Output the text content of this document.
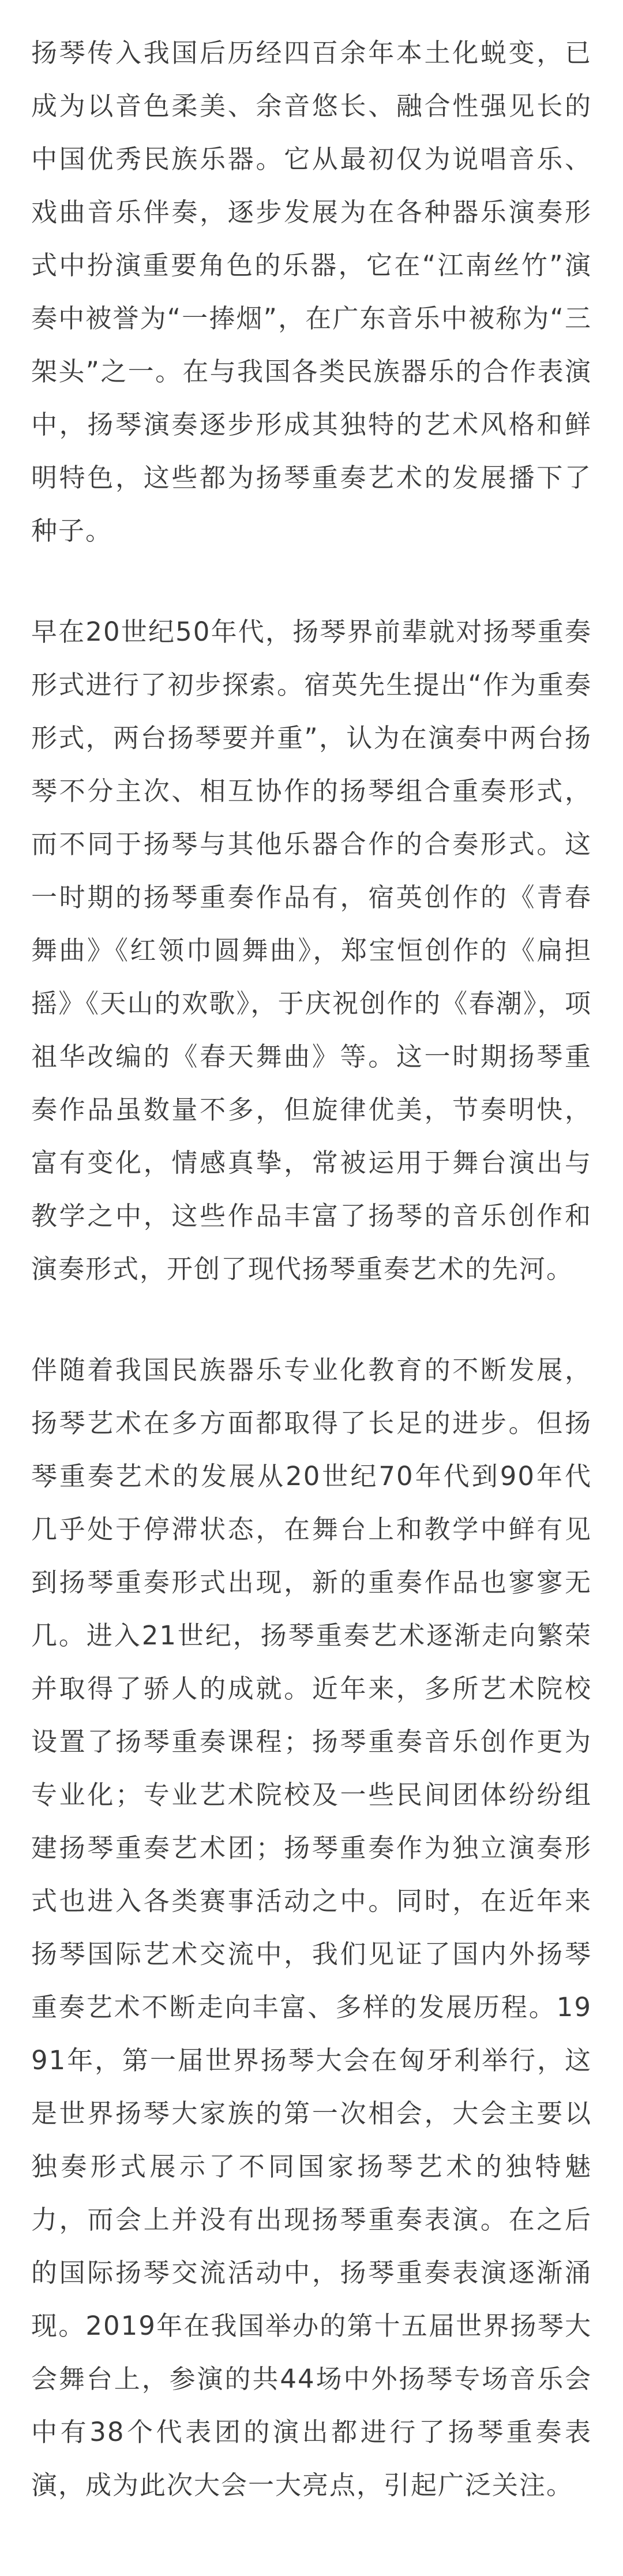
扬琴传入我国后历经四百余年本土化蜕变，已成为以音色柔美、余音悠长、融合性强见长的中国优秀民族乐器。它从最初仅为说唱音乐、戏曲音乐伴奏，逐步发展为在各种器乐演奏形式中扮演重要角色的乐器，它在“江南丝竹”演奏中被誉为“一捧烟”，在广东音乐中被称为“三架头”之一。在与我国各类民族器乐的合作表演中，扬琴演奏逐步形成其独特的艺术风格和鲜明特色，这些都为扬琴重奏艺术的发展播下了种子。

早在20世纪50年代，扬琴界前辈就对扬琴重奏形式进行了初步探索。宿英先生提出“作为重奏形式，两台扬琴要并重”，认为在演奏中两台扬琴不分主次、相互协作的扬琴组合重奏形式，而不同于扬琴与其他乐器合作的合奏形式。这一时期的扬琴重奏作品有，宿英创作的《青春舞曲》《红领巾圆舞曲》，郑宝恒创作的《扁担摇》《天山的欢歌》，于庆祝创作的《春潮》，项祖华改编的《春天舞曲》等。这一时期扬琴重奏作品虽数量不多，但旋律优美，节奏明快，富有变化，情感真挚，常被运用于舞台演出与教学之中，这些作品丰富了扬琴的音乐创作和演奏形式，开创了现代扬琴重奏艺术的先河。

伴随着我国民族器乐专业化教育的不断发展，扬琴艺术在多方面都取得了长足的进步。但扬琴重奏艺术的发展从20世纪70年代到90年代几乎处于停滞状态，在舞台上和教学中鲜有见到扬琴重奏形式出现，新的重奏作品也寥寥无几。进入21世纪，扬琴重奏艺术逐渐走向繁荣并取得了骄人的成就。近年来，多所艺术院校设置了扬琴重奏课程；扬琴重奏音乐创作更为专业化；专业艺术院校及一些民间团体纷纷组建扬琴重奏艺术团；扬琴重奏作为独立演奏形式也进入各类赛事活动之中。同时，在近年来扬琴国际艺术交流中，我们见证了国内外扬琴重奏艺术不断走向丰富、多样的发展历程。1991年，第一届世界扬琴大会在匈牙利举行，这是世界扬琴大家族的第一次相会，大会主要以独奏形式展示了不同国家扬琴艺术的独特魅力，而会上并没有出现扬琴重奏表演。在之后的国际扬琴交流活动中，扬琴重奏表演逐渐涌现。2019年在我国举办的第十五届世界扬琴大会舞台上，参演的共44场中外扬琴专场音乐会中有38个代表团的演出都进行了扬琴重奏表演，成为此次大会一大亮点，引起广泛关注。
